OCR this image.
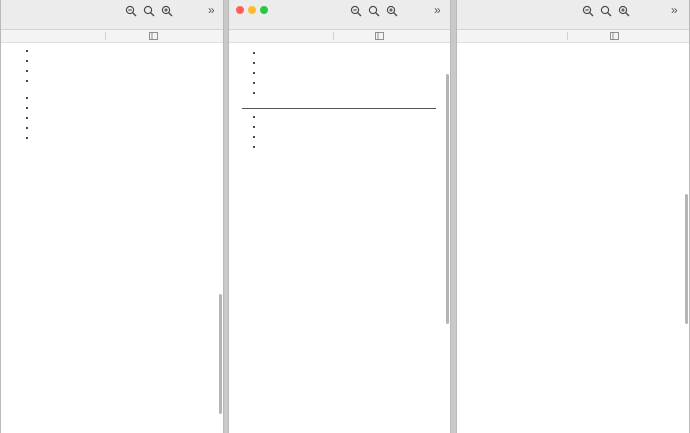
»

•
•
•
•
•
•
•
•
•	»

•
•
•
•
•

•
•
•
•	»
